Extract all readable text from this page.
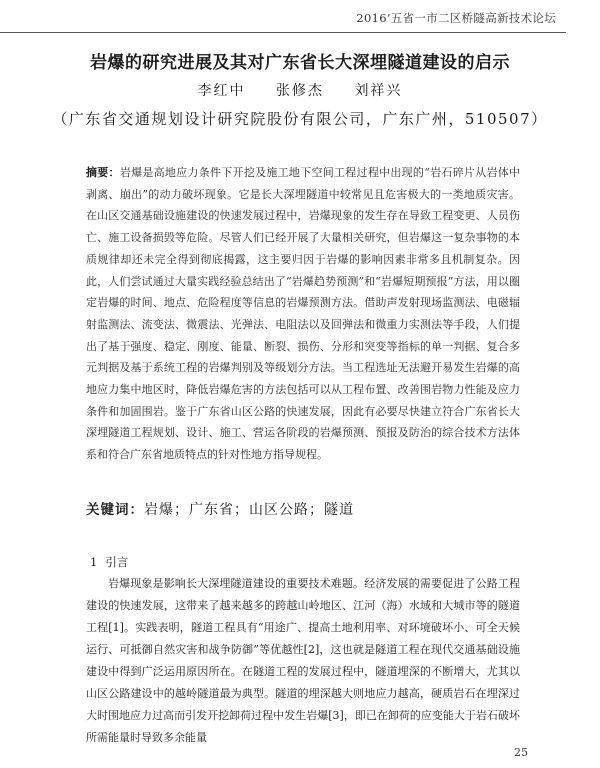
2016’五省一市二区桥隧高新技术论坛
岩爆的研究进展及其对广东省长大深埋隧道建设的启示
李红中 张修杰 刘祥兴
（广东省交通规划设计研究院股份有限公司，广东广州，510507）
摘要：岩爆是高地应力条件下开挖及施工地下空间工程过程中出现的“岩石碎片从岩体中剥离、崩出”的动力破坏现象。它是长大深埋隧道中较常见且危害极大的一类地质灾害。在山区交通基础设施建设的快速发展过程中，岩爆现象的发生存在导致工程变更、人员伤亡、施工设备损毁等危险。尽管人们已经开展了大量相关研究，但岩爆这一复杂事物的本质规律却还未完全得到彻底揭露，这主要归因于岩爆的影响因素非常多且机制复杂。因此，人们尝试通过大量实践经验总结出了“岩爆趋势预测”和“岩爆短期预报”方法，用以圈定岩爆的时间、地点、危险程度等信息的岩爆预测方法。借助声发射现场监测法、电磁辐射监测法、流变法、微震法、光弹法、电阻法以及回弹法和微重力实测法等手段，人们提出了基于强度、稳定、刚度、能量、断裂、损伤、分形和突变等指标的单一判据、复合多元判据及基于系统工程的岩爆判别及等级划分方法。当工程选址无法避开易发生岩爆的高地应力集中地区时，降低岩爆危害的方法包括可以从工程布置、改善围岩物力性能及应力条件和加固围岩。鉴于广东省山区公路的快速发展，因此有必要尽快建立符合广东省长大深埋隧道工程规划、设计、施工、营运各阶段的岩爆预测、预报及防治的综合技术方法体系和符合广东省地质特点的针对性地方指导规程。
关键词：岩爆；广东省；山区公路；隧道
1 引言
岩爆现象是影响长大深埋隧道建设的重要技术难题。经济发展的需要促进了公路工程建设的快速发展，这带来了越来越多的跨越山岭地区、江河（海）水域和大城市等的隧道工程[1]。实践表明，隧道工程具有“用途广、提高土地利用率、对环境破坏小、可全天候运行、可抵御自然灾害和战争防御”等优越性[2]，这也就是隧道工程在现代交通基础设施建设中得到广泛运用原因所在。在隧道工程的发展过程中，隧道埋深的不断增大，尤其以山区公路建设中的越岭隧道最为典型。隧道的埋深越大则地应力越高，硬质岩石在埋深过大时围地应力过高而引发开挖卸荷过程中发生岩爆[3]，即已在卸荷的应变能大于岩石破坏所需能量时导致多余能量
25
